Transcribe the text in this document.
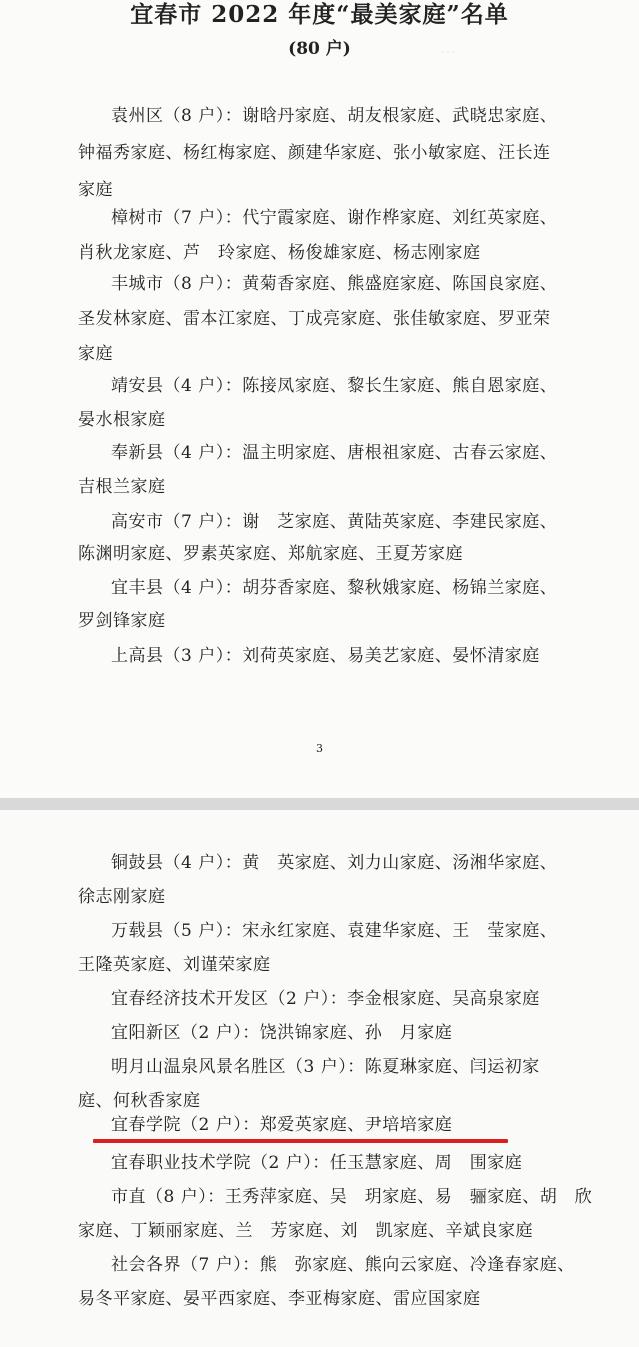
…
宜春市 2022 年度“最美家庭”名单
(80 户)
袁州区（8 户）：谢晗丹家庭、胡友根家庭、武晓忠家庭、
钟福秀家庭、杨红梅家庭、颜建华家庭、张小敏家庭、汪长连
家庭
樟树市（7 户）：代宁霞家庭、谢作桦家庭、刘红英家庭、
肖秋龙家庭、芦　玲家庭、杨俊雄家庭、杨志刚家庭
丰城市（8 户）：黄菊香家庭、熊盛庭家庭、陈国良家庭、
圣发林家庭、雷本江家庭、丁成亮家庭、张佳敏家庭、罗亚荣
家庭
靖安县（4 户）：陈接凤家庭、黎长生家庭、熊自恩家庭、
晏水根家庭
奉新县（4 户）：温主明家庭、唐根祖家庭、古春云家庭、
吉根兰家庭
高安市（7 户）：谢　芝家庭、黄陆英家庭、李建民家庭、
陈渊明家庭、罗素英家庭、郑航家庭、王夏芳家庭
宜丰县（4 户）：胡芬香家庭、黎秋娥家庭、杨锦兰家庭、
罗剑锋家庭
上高县（3 户）：刘荷英家庭、易美艺家庭、晏怀清家庭
3
铜鼓县（4 户）：黄　英家庭、刘力山家庭、汤湘华家庭、
徐志刚家庭
万载县（5 户）：宋永红家庭、袁建华家庭、王　莹家庭、
王隆英家庭、刘谨荣家庭
宜春经济技术开发区（2 户）：李金根家庭、吴高泉家庭
宜阳新区（2 户）：饶洪锦家庭、孙　月家庭
明月山温泉风景名胜区（3 户）：陈夏琳家庭、闫运初家
庭、何秋香家庭
宜春学院（2 户）：郑爱英家庭、尹培培家庭
宜春职业技术学院（2 户）：任玉慧家庭、周　围家庭
市直（8 户）：王秀萍家庭、吴　玥家庭、易　骊家庭、胡　欣
家庭、丁颖丽家庭、兰　芳家庭、刘　凯家庭、辛斌良家庭
社会各界（7 户）：熊　弥家庭、熊向云家庭、冷逢春家庭、
易冬平家庭、晏平西家庭、李亚梅家庭、雷应国家庭
